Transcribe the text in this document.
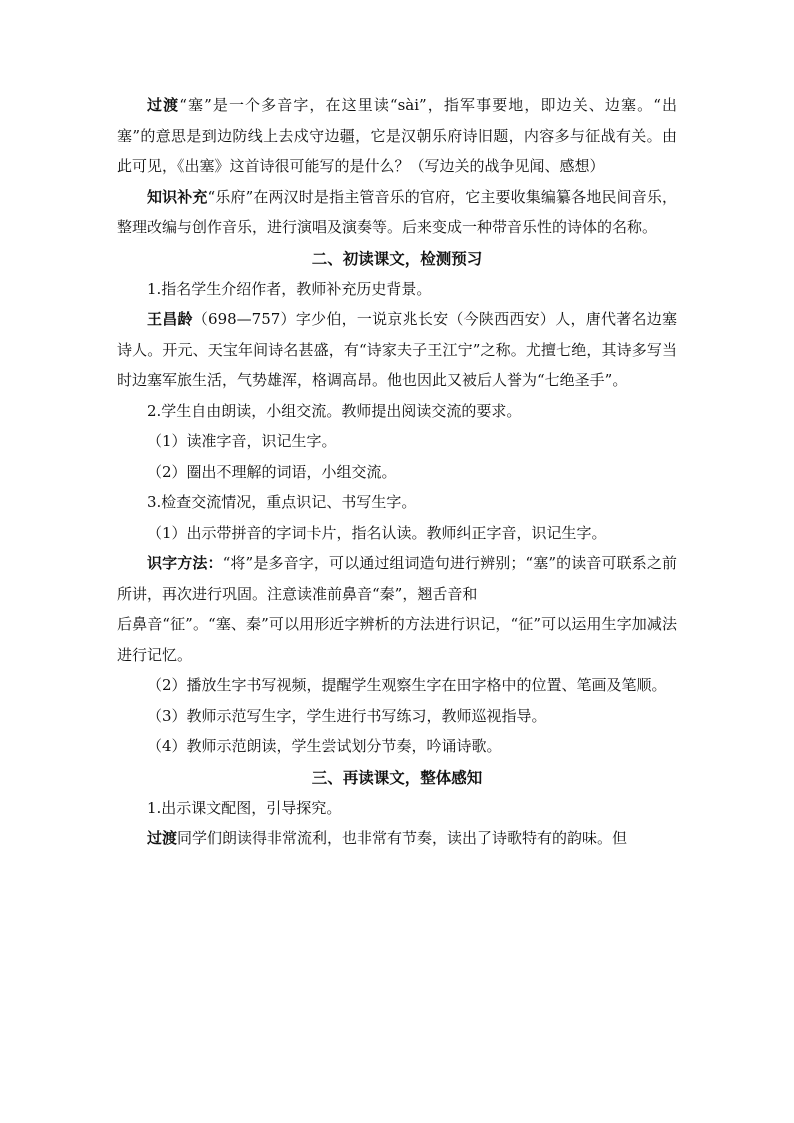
过渡“塞”是一个多音字，在这里读“sài”，指军事要地，即边关、边塞。“出塞”的意思是到边防线上去戍守边疆，它是汉朝乐府诗旧题，内容多与征战有关。由此可见，《出塞》这首诗很可能写的是什么？（写边关的战争见闻、感想）

知识补充“乐府”在两汉时是指主管音乐的官府，它主要收集编纂各地民间音乐，整理改编与创作音乐，进行演唱及演奏等。后来变成一种带音乐性的诗体的名称。

二、初读课文，检测预习

1.指名学生介绍作者，教师补充历史背景。

王昌龄（698—757）字少伯，一说京兆长安（今陕西西安）人，唐代著名边塞诗人。开元、天宝年间诗名甚盛，有“诗家夫子王江宁”之称。尤擅七绝，其诗多写当时边塞军旅生活，气势雄浑，格调高昂。他也因此又被后人誉为“七绝圣手”。

2.学生自由朗读，小组交流。教师提出阅读交流的要求。

（1）读准字音，识记生字。

（2）圈出不理解的词语，小组交流。

3.检查交流情况，重点识记、书写生字。

（1）出示带拼音的字词卡片，指名认读。教师纠正字音，识记生字。

识字方法：“将”是多音字，可以通过组词造句进行辨别；“塞”的读音可联系之前所讲，再次进行巩固。注意读准前鼻音“秦”，翘舌音和

后鼻音“征”。“塞、秦”可以用形近字辨析的方法进行识记，“征”可以运用生字加减法进行记忆。

（2）播放生字书写视频，提醒学生观察生字在田字格中的位置、笔画及笔顺。

（3）教师示范写生字，学生进行书写练习，教师巡视指导。

（4）教师示范朗读，学生尝试划分节奏，吟诵诗歌。

三、再读课文，整体感知

1.出示课文配图，引导探究。

过渡同学们朗读得非常流利，也非常有节奏，读出了诗歌特有的韵味。但
